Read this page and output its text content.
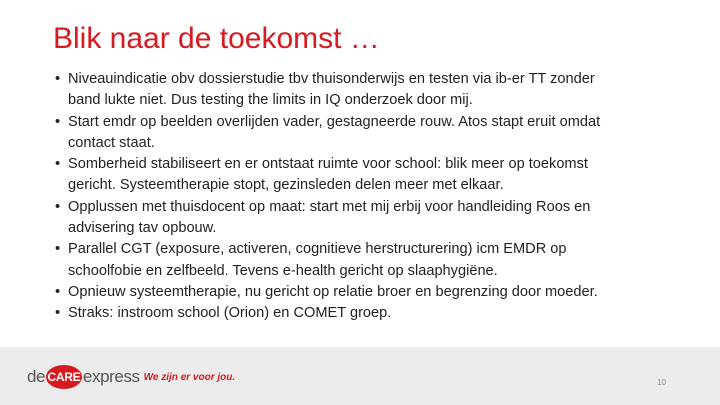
Blik naar de toekomst …
• Niveauindicatie obv dossierstudie tbv thuisonderwijs en testen via ib-er TT zonder
band lukte niet. Dus testing the limits in IQ onderzoek door mij.
• Start emdr op beelden overlijden vader, gestagneerde rouw. Atos stapt eruit omdat
contact staat.
• Somberheid stabiliseert en er ontstaat ruimte voor school: blik meer op toekomst
gericht. Systeemtherapie stopt, gezinsleden delen meer met elkaar.
• Opplussen met thuisdocent op maat: start met mij erbij voor handleiding Roos en
advisering tav opbouw.
• Parallel CGT (exposure, activeren, cognitieve herstructurering) icm EMDR op
schoolfobie en zelfbeeld. Tevens e-health gericht op slaaphygiëne.
• Opnieuw systeemtherapie, nu gericht op relatie broer en begrenzing door moeder.
• Straks: instroom school (Orion) en COMET groep.
de CARE express We zijn er voor jou.	10
